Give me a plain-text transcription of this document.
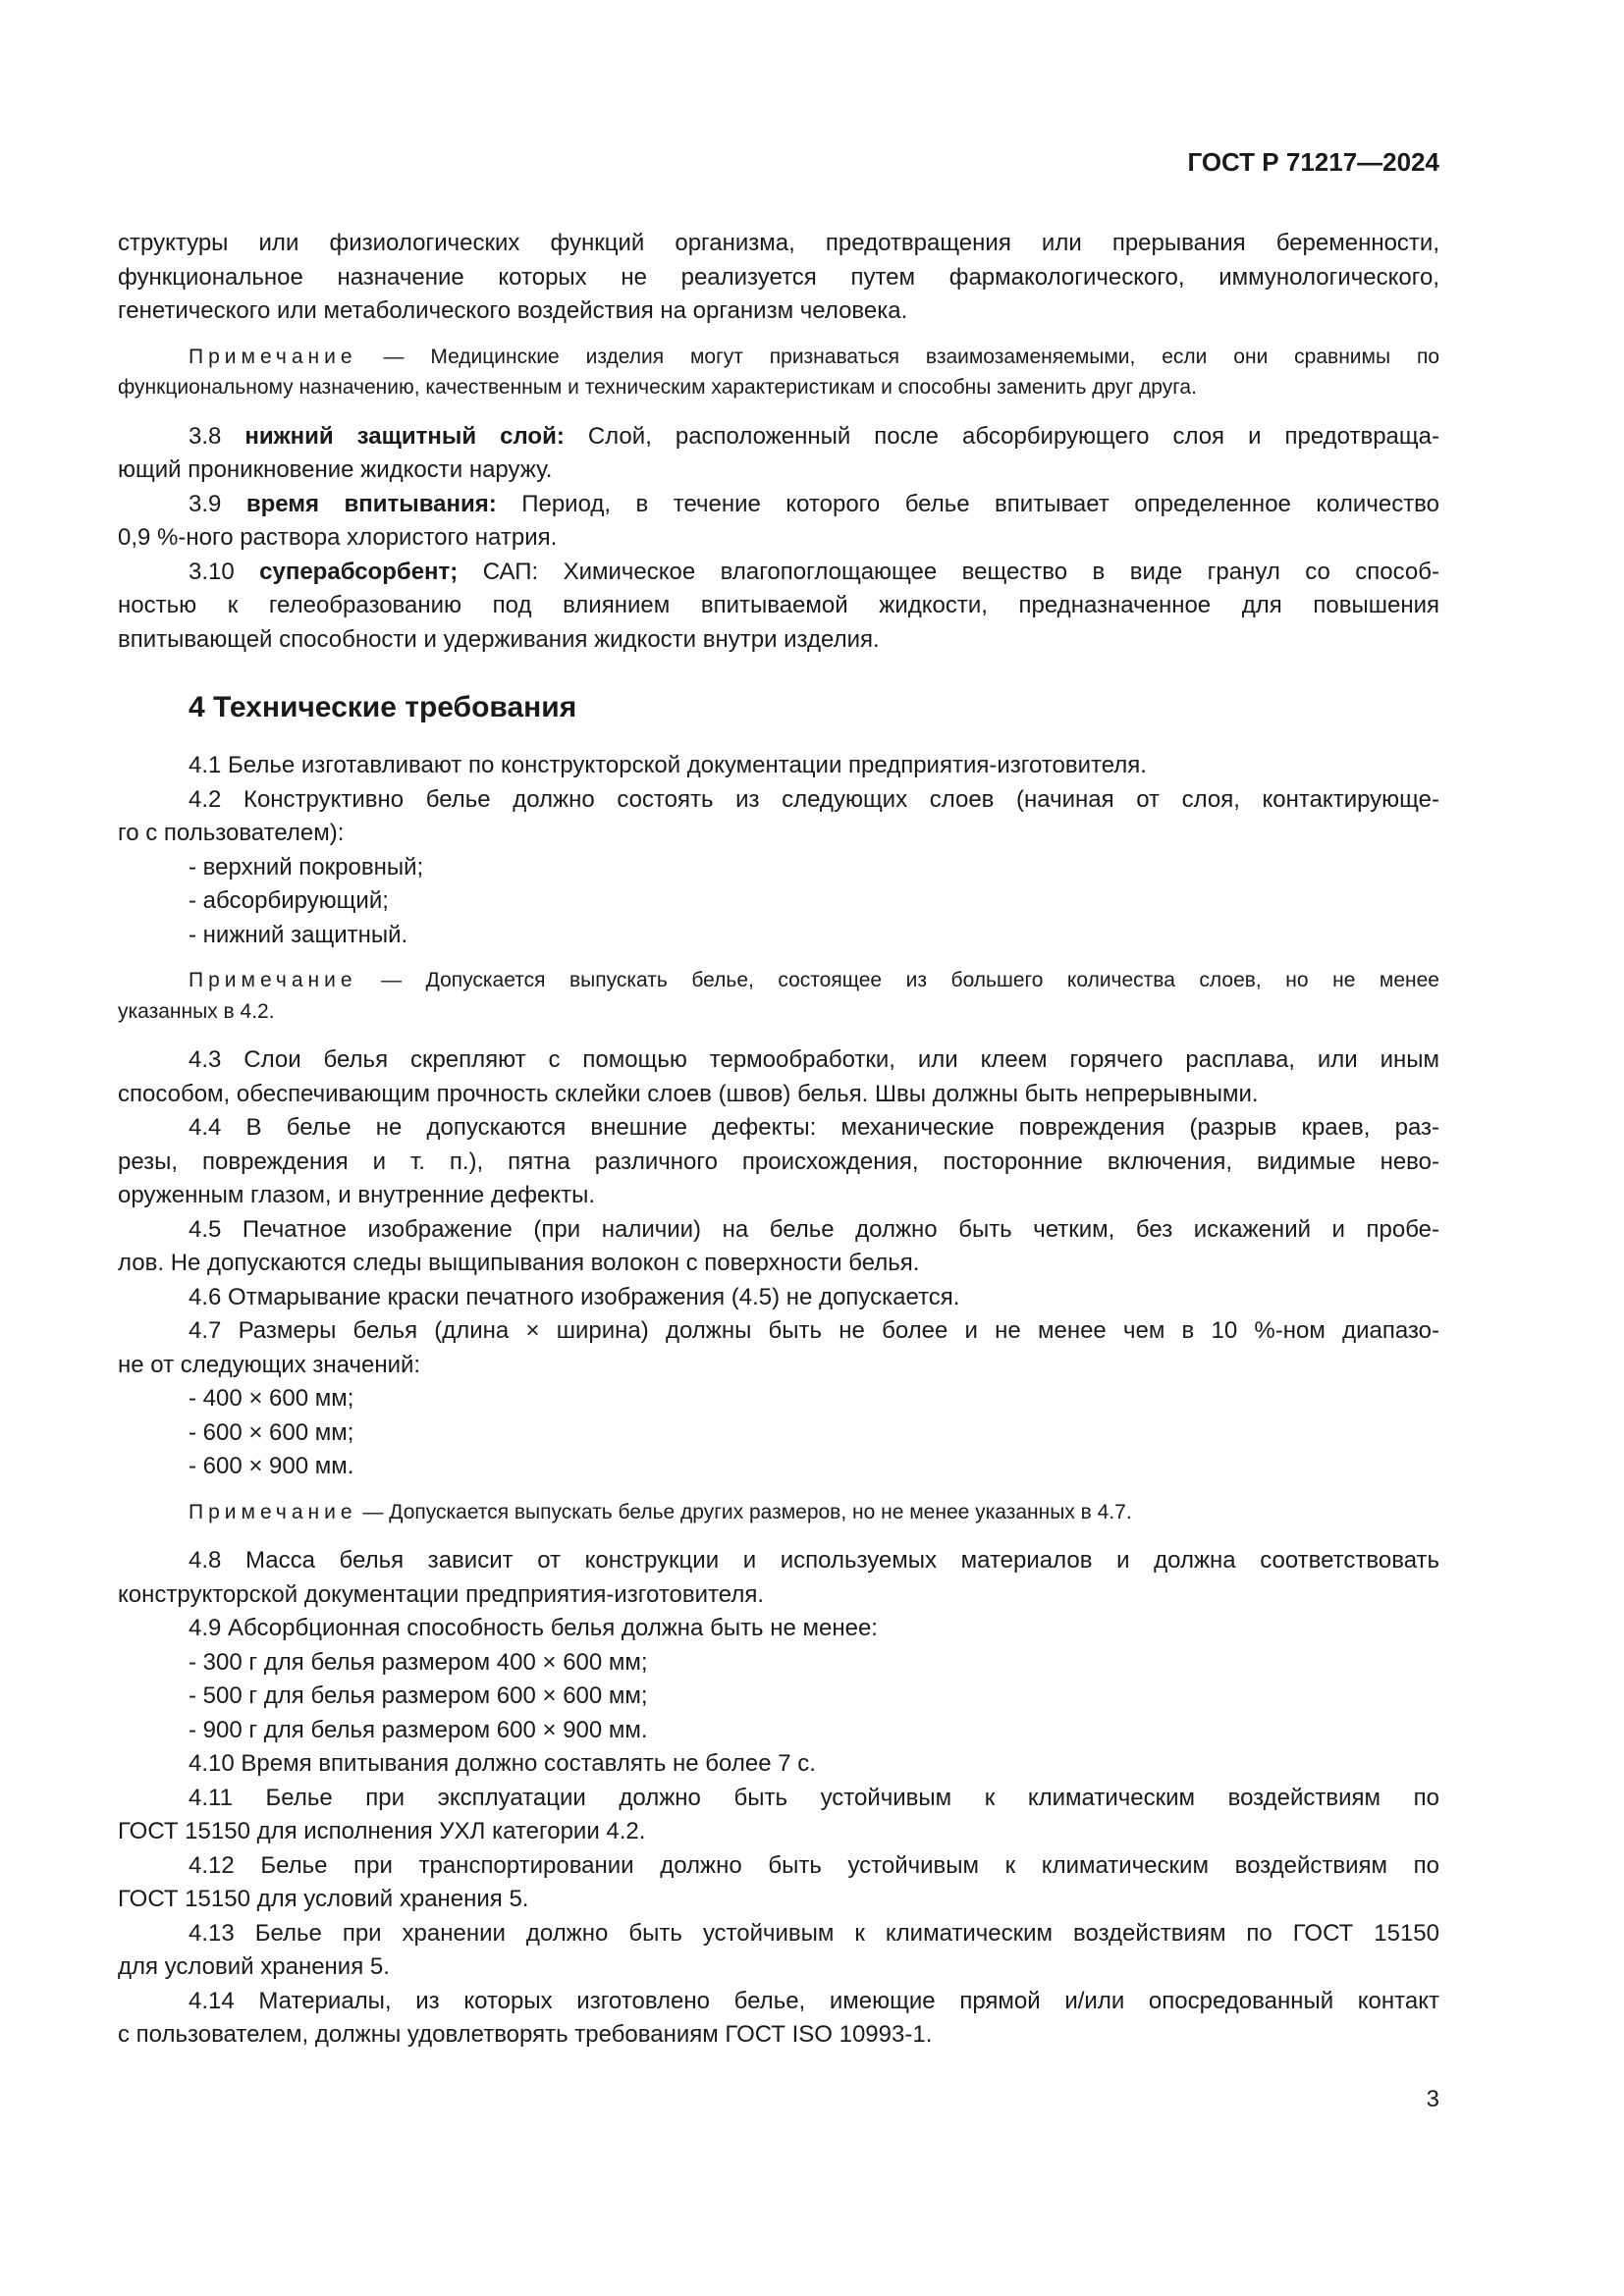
ГОСТ Р 71217—2024
структуры или физиологических функций организма, предотвращения или прерывания беременности,
функциональное назначение которых не реализуется путем фармакологического, иммунологического,
генетического или метаболического воздействия на организм человека.
Примечание — Медицинские изделия могут признаваться взаимозаменяемыми, если они сравнимы по
функциональному назначению, качественным и техническим характеристикам и способны заменить друг друга.
3.8 нижний защитный слой: Слой, расположенный после абсорбирующего слоя и предотвраща-
ющий проникновение жидкости наружу.
3.9 время впитывания: Период, в течение которого белье впитывает определенное количество
0,9 %-ного раствора хлористого натрия.
3.10 суперабсорбент; САП: Химическое влагопоглощающее вещество в виде гранул со способ-
ностью к гелеобразованию под влиянием впитываемой жидкости, предназначенное для повышения
впитывающей способности и удерживания жидкости внутри изделия.
4 Технические требования
4.1 Белье изготавливают по конструкторской документации предприятия-изготовителя.
4.2 Конструктивно белье должно состоять из следующих слоев (начиная от слоя, контактирующе-
го с пользователем):
- верхний покровный;
- абсорбирующий;
- нижний защитный.
Примечание — Допускается выпускать белье, состоящее из большего количества слоев, но не менее
указанных в 4.2.
4.3 Слои белья скрепляют с помощью термообработки, или клеем горячего расплава, или иным
способом, обеспечивающим прочность склейки слоев (швов) белья. Швы должны быть непрерывными.
4.4 В белье не допускаются внешние дефекты: механические повреждения (разрыв краев, раз-
резы, повреждения и т. п.), пятна различного происхождения, посторонние включения, видимые нево-
оруженным глазом, и внутренние дефекты.
4.5 Печатное изображение (при наличии) на белье должно быть четким, без искажений и пробе-
лов. Не допускаются следы выщипывания волокон с поверхности белья.
4.6 Отмарывание краски печатного изображения (4.5) не допускается.
4.7 Размеры белья (длина × ширина) должны быть не более и не менее чем в 10 %-ном диапазо-
не от следующих значений:
- 400 × 600 мм;
- 600 × 600 мм;
- 600 × 900 мм.
Примечание — Допускается выпускать белье других размеров, но не менее указанных в 4.7.
4.8 Масса белья зависит от конструкции и используемых материалов и должна соответствовать
конструкторской документации предприятия-изготовителя.
4.9 Абсорбционная способность белья должна быть не менее:
- 300 г для белья размером 400 × 600 мм;
- 500 г для белья размером 600 × 600 мм;
- 900 г для белья размером 600 × 900 мм.
4.10 Время впитывания должно составлять не более 7 с.
4.11 Белье при эксплуатации должно быть устойчивым к климатическим воздействиям по
ГОСТ 15150 для исполнения УХЛ категории 4.2.
4.12 Белье при транспортировании должно быть устойчивым к климатическим воздействиям по
ГОСТ 15150 для условий хранения 5.
4.13 Белье при хранении должно быть устойчивым к климатическим воздействиям по ГОСТ 15150
для условий хранения 5.
4.14 Материалы, из которых изготовлено белье, имеющие прямой и/или опосредованный контакт
с пользователем, должны удовлетворять требованиям ГОСТ ISO 10993-1.
3
